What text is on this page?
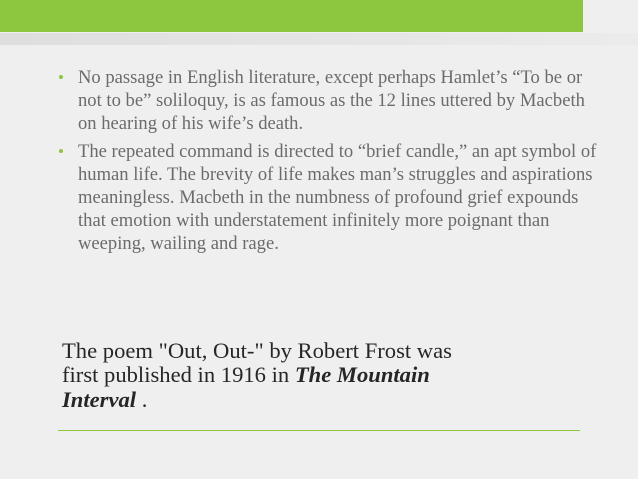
• No passage in English literature, except perhaps Hamlet’s “To be or not to be” soliloquy, is as famous as the 12 lines uttered by Macbeth on hearing of his wife’s death.
• The repeated command is directed to “brief candle,” an apt symbol of human life. The brevity of life makes man’s struggles and aspirations meaningless. Macbeth in the numbness of profound grief expounds that emotion with understatement infinitely more poignant than weeping, wailing and rage.

The poem "Out, Out-" by Robert Frost was
first published in 1916 in The Mountain
Interval .
